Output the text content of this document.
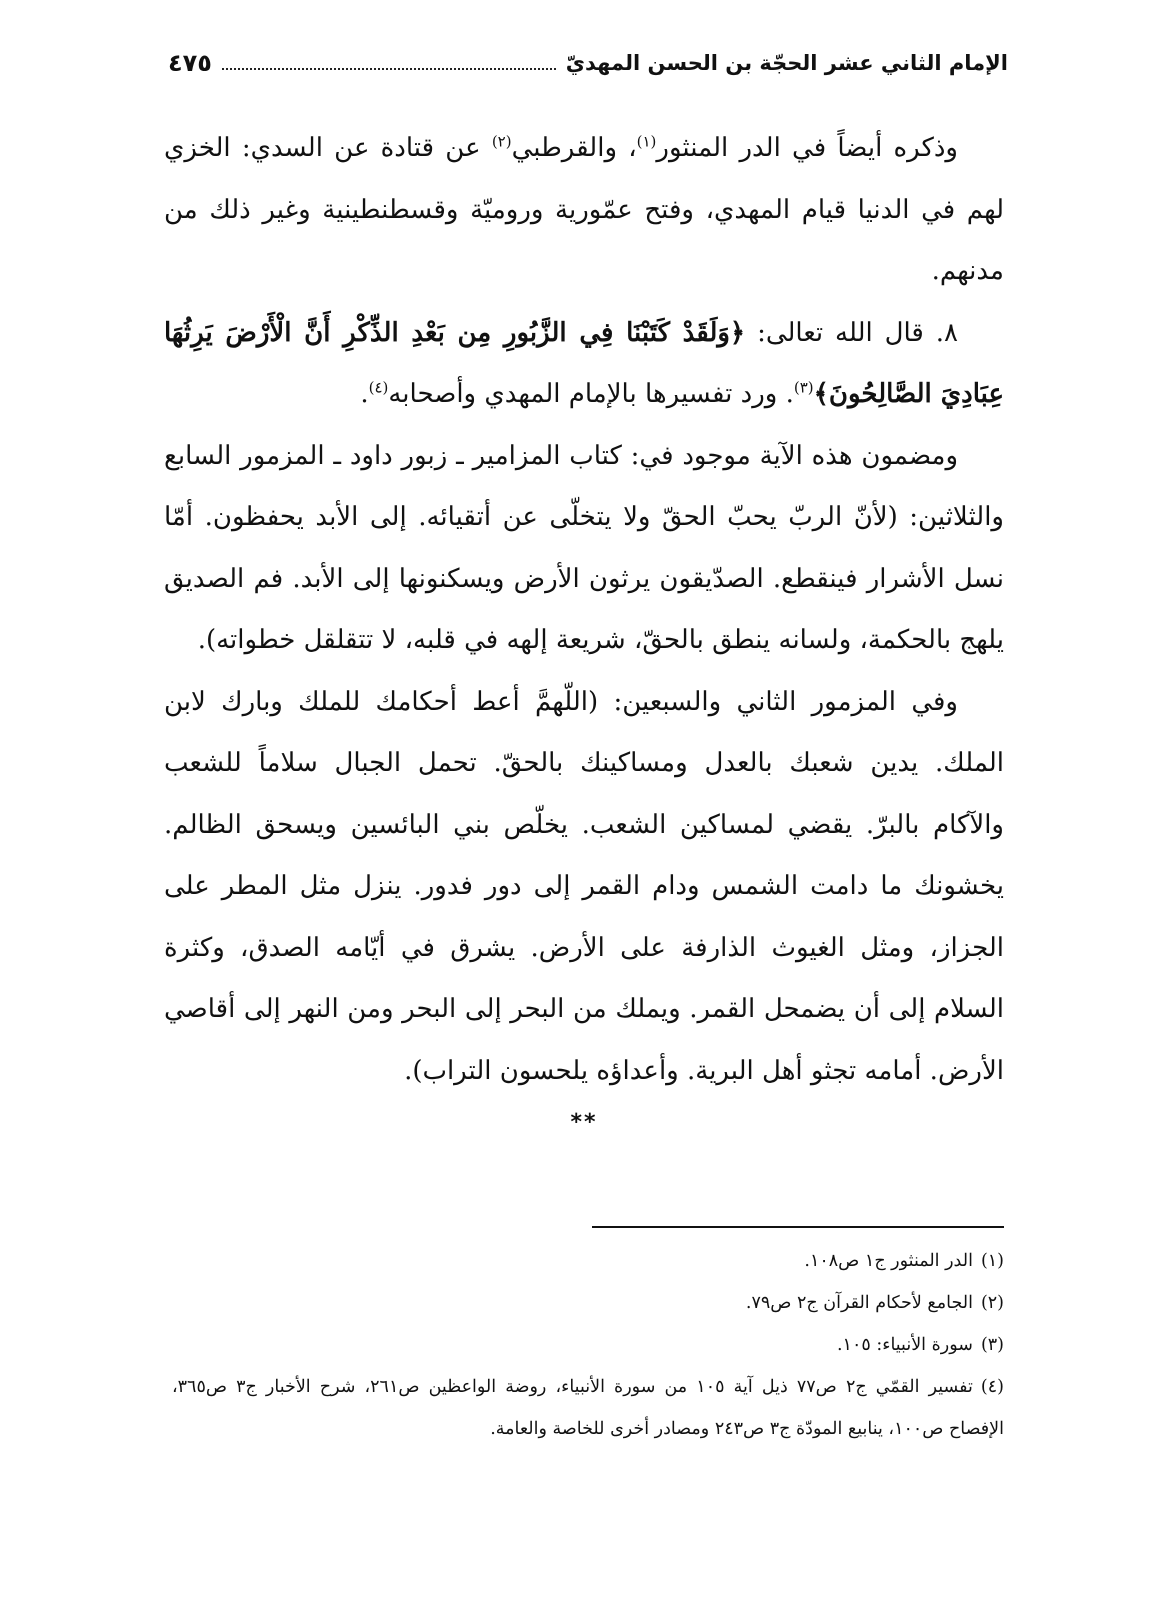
الإمام الثاني عشر الحجّة بن الحسن المهديّ
٤٧٥

وذكره أيضاً في الدر المنثور$^{(١)}$، والقرطبي$^{(٢)}$ عن قتادة عن السدي: الخزي لهم في الدنيا قيام المهدي، وفتح عمّورية وروميّة وقسطنطينية وغير ذلك من مدنهم.

٨. قال الله تعالى: ﴿وَلَقَدْ كَتَبْنَا فِي الزَّبُورِ مِن بَعْدِ الذِّكْرِ أَنَّ الْأَرْضَ يَرِثُهَا عِبَادِيَ الصَّالِحُونَ﴾$^{(٣)}$. ورد تفسيرها بالإمام المهدي وأصحابه$^{(٤)}$.

ومضمون هذه الآية موجود في: كتاب المزامير ـ زبور داود ـ المزمور السابع والثلاثين: (لأنّ الربّ يحبّ الحقّ ولا يتخلّى عن أتقيائه. إلى الأبد يحفظون. أمّا نسل الأشرار فينقطع. الصدّيقون يرثون الأرض ويسكنونها إلى الأبد. فم الصديق يلهج بالحكمة، ولسانه ينطق بالحقّ، شريعة إلهه في قلبه، لا تتقلقل خطواته).

وفي المزمور الثاني والسبعين: (اللّهمَّ أعط أحكامك للملك وبارك لابن الملك. يدين شعبك بالعدل ومساكينك بالحقّ. تحمل الجبال سلاماً للشعب والآكام بالبرّ. يقضي لمساكين الشعب. يخلّص بني البائسين ويسحق الظالم. يخشونك ما دامت الشمس ودام القمر إلى دور فدور. ينزل مثل المطر على الجزاز، ومثل الغيوث الذارفة على الأرض. يشرق في أيّامه الصدق، وكثرة السلام إلى أن يضمحل القمر. ويملك من البحر إلى البحر ومن النهر إلى أقاصي الأرض. أمامه تجثو أهل البرية. وأعداؤه يلحسون التراب).

**

(١)الدر المنثور ج١ ص١٠٨.

(٢)الجامع لأحكام القرآن ج٢ ص٧٩.

(٣)سورة الأنبياء: ١٠٥.

(٤)تفسير القمّي ج٢ ص٧٧ ذيل آية ١٠٥ من سورة الأنبياء، روضة الواعظين ص٢٦١، شرح الأخبار ج٣ ص٣٦٥، الإفصاح ص١٠٠، ينابيع المودّة ج٣ ص٢٤٣ ومصادر أخرى للخاصة والعامة.
